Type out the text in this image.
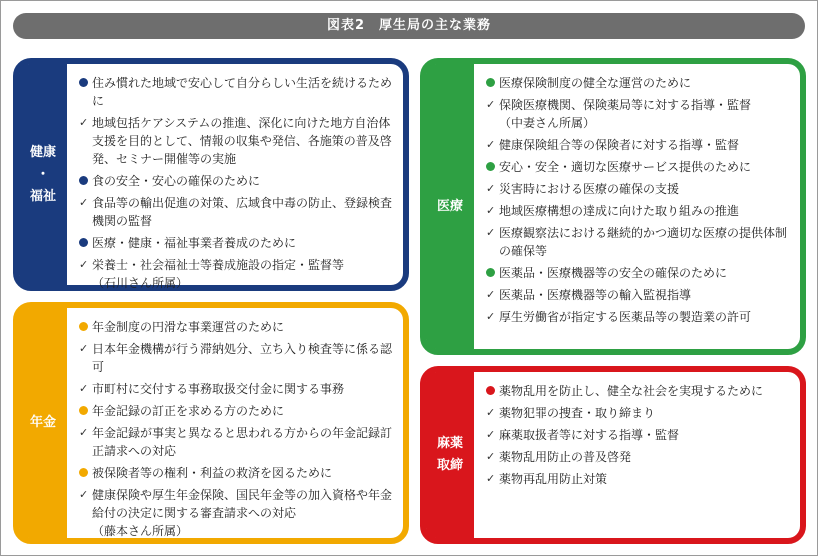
図表2　厚生局の主な業務
健康
・
福祉
住み慣れた地域で安心して自分らしい生活を続けるために
✓ 地域包括ケアシステムの推進、深化に向けた地方自治体支援を目的として、情報の収集や発信、各施策の普及啓発、セミナー開催等の実施
食の安全・安心の確保のために
✓ 食品等の輸出促進の対策、広域食中毒の防止、登録検査機関の監督
医療・健康・福祉事業者養成のために
✓ 栄養士・社会福祉士等養成施設の指定・監督等
（石川さん所属）
年金
年金制度の円滑な事業運営のために
✓ 日本年金機構が行う滞納処分、立ち入り検査等に係る認可
✓ 市町村に交付する事務取扱交付金に関する事務
年金記録の訂正を求める方のために
✓ 年金記録が事実と異なると思われる方からの年金記録訂正請求への対応
被保険者等の権利・利益の救済を図るために
✓ 健康保険や厚生年金保険、国民年金等の加入資格や年金給付の決定に関する審査請求への対応
（藤本さん所属）
医療
医療保険制度の健全な運営のために
✓ 保険医療機関、保険薬局等に対する指導・監督
（中妻さん所属）
✓ 健康保険組合等の保険者に対する指導・監督
安心・安全・適切な医療サービス提供のために
✓ 災害時における医療の確保の支援
✓ 地域医療構想の達成に向けた取り組みの推進
✓ 医療観察法における継続的かつ適切な医療の提供体制の確保等
医薬品・医療機器等の安全の確保のために
✓ 医薬品・医療機器等の輸入監視指導
✓ 厚生労働省が指定する医薬品等の製造業の許可
麻薬
取締
薬物乱用を防止し、健全な社会を実現するために
✓ 薬物犯罪の捜査・取り締まり
✓ 麻薬取扱者等に対する指導・監督
✓ 薬物乱用防止の普及啓発
✓ 薬物再乱用防止対策
